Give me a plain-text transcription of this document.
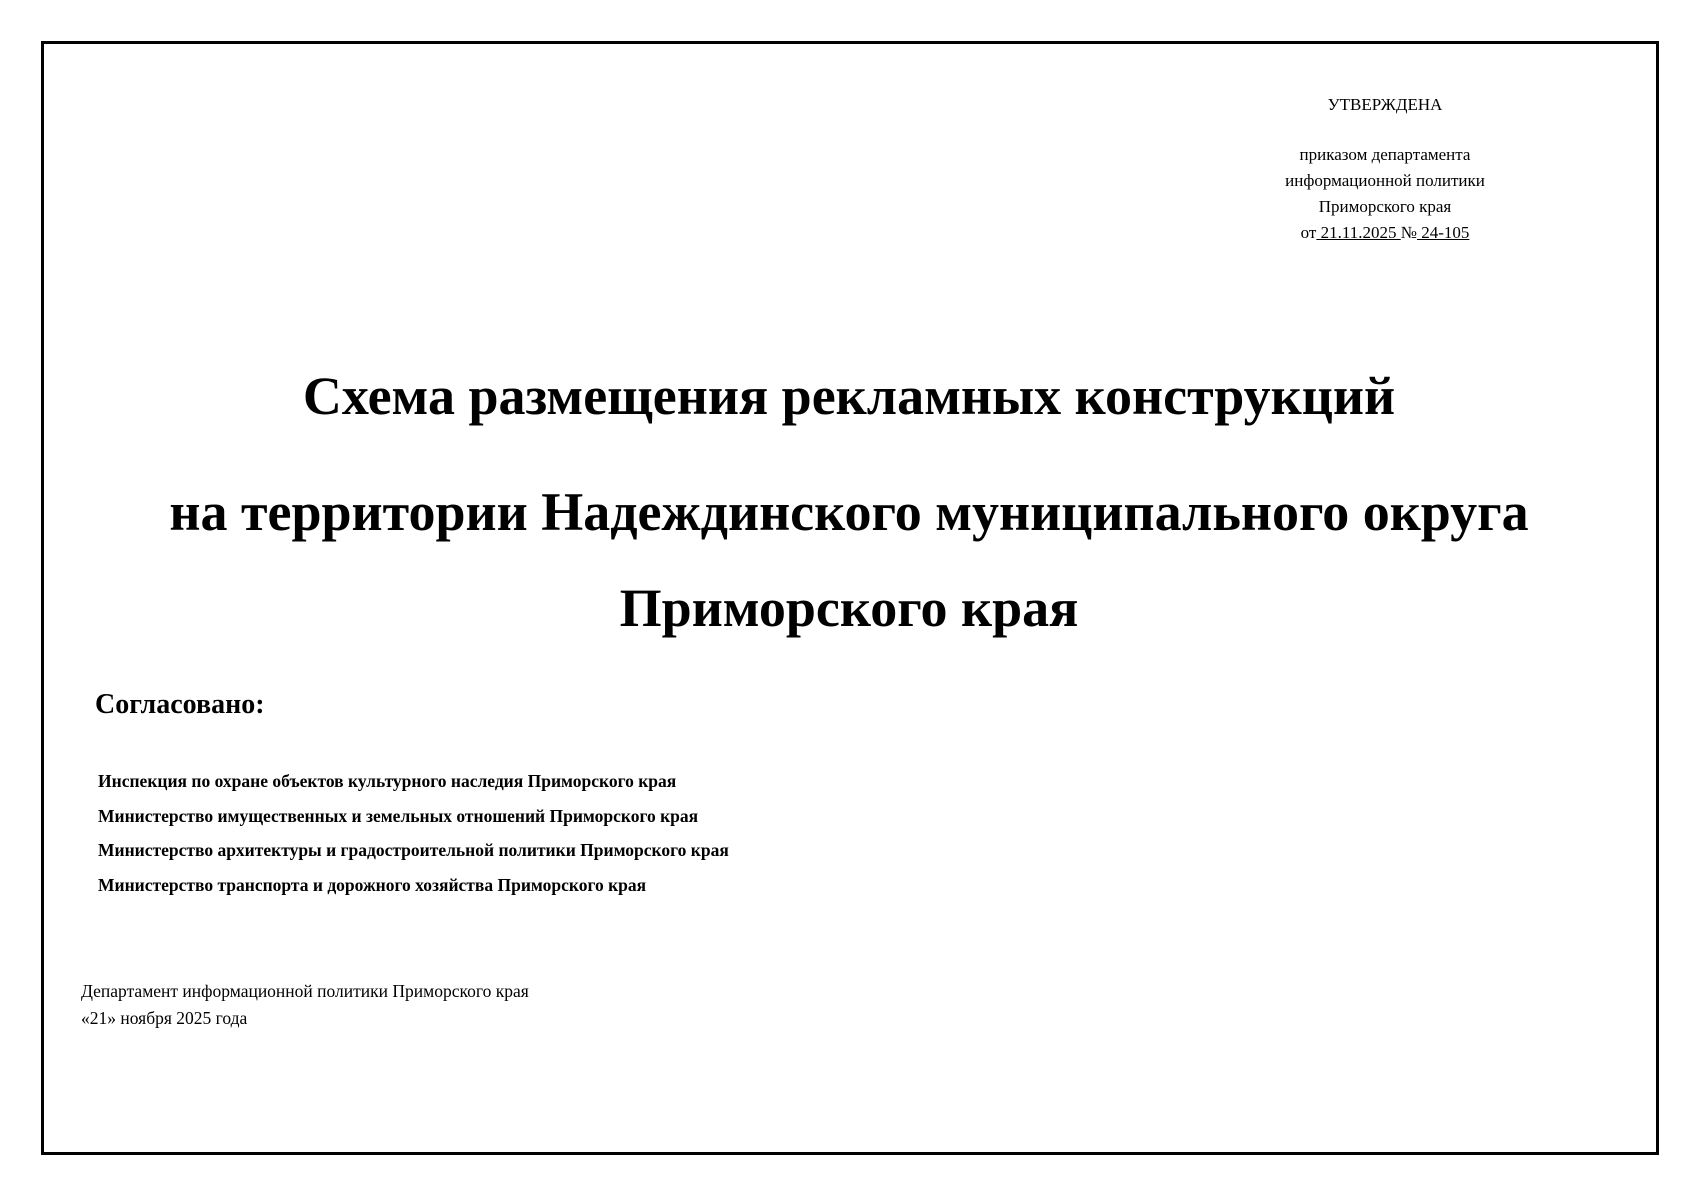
УТВЕРЖДЕНА
приказом департамента
информационной политики
Приморского края
от 21.11.2025 № 24-105
Схема размещения рекламных конструкций
на территории Надеждинского муниципального округа
Приморского края
Согласовано:
Инспекция по охране объектов культурного наследия Приморского края
Министерство имущественных и земельных отношений Приморского края
Министерство архитектуры и градостроительной политики Приморского края
Министерство транспорта и дорожного хозяйства Приморского края
Департамент информационной политики Приморского края
«21» ноября 2025 года
